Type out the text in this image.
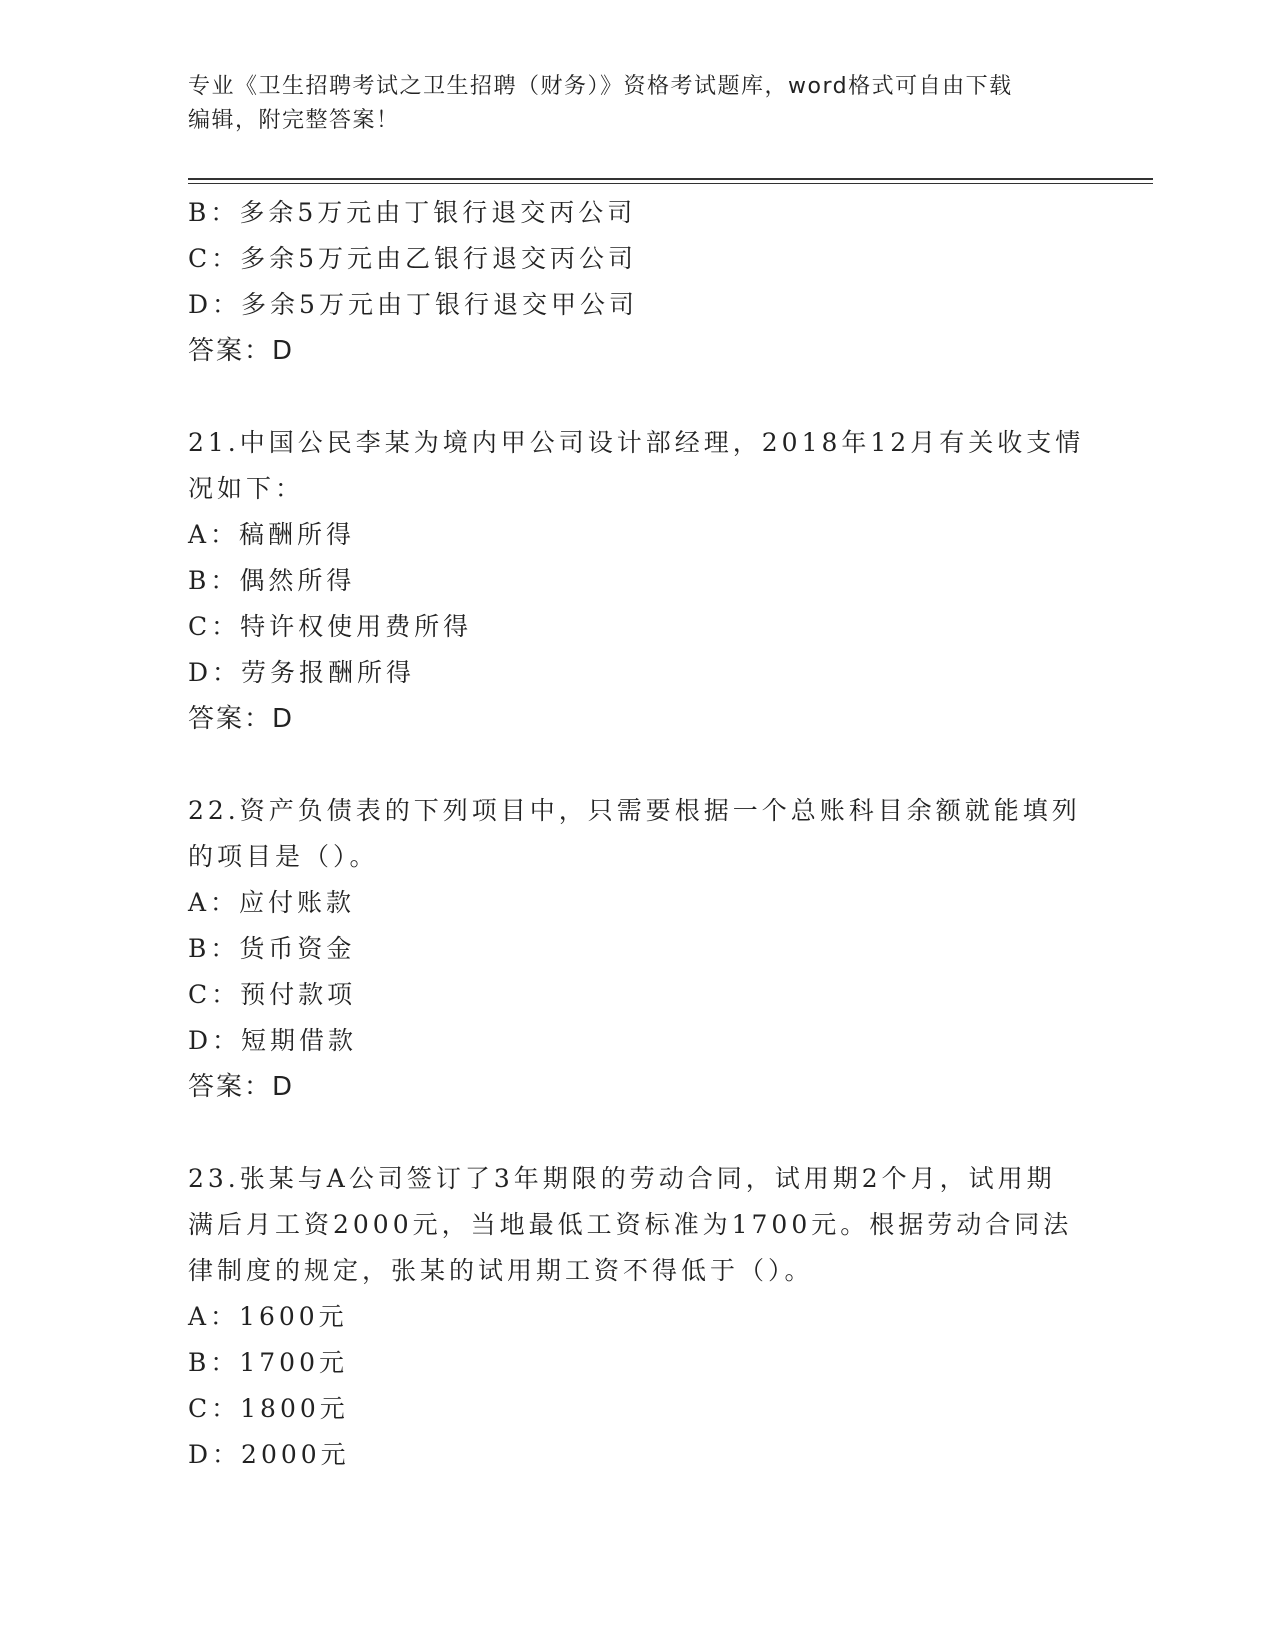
专业《卫生招聘考试之卫生招聘（财务）》资格考试题库，word格式可自由下载
编辑，附完整答案！
B：多余5万元由丁银行退交丙公司
C：多余5万元由乙银行退交丙公司
D：多余5万元由丁银行退交甲公司
答案：D
21.中国公民李某为境内甲公司设计部经理，2018年12月有关收支情
况如下：
A：稿酬所得
B：偶然所得
C：特许权使用费所得
D：劳务报酬所得
答案：D
22.资产负债表的下列项目中，只需要根据一个总账科目余额就能填列
的项目是（）。
A：应付账款
B：货币资金
C：预付款项
D：短期借款
答案：D
23.张某与A公司签订了3年期限的劳动合同，试用期2个月，试用期
满后月工资2000元，当地最低工资标准为1700元。根据劳动合同法
律制度的规定，张某的试用期工资不得低于（）。
A：1600元
B：1700元
C：1800元
D：2000元
